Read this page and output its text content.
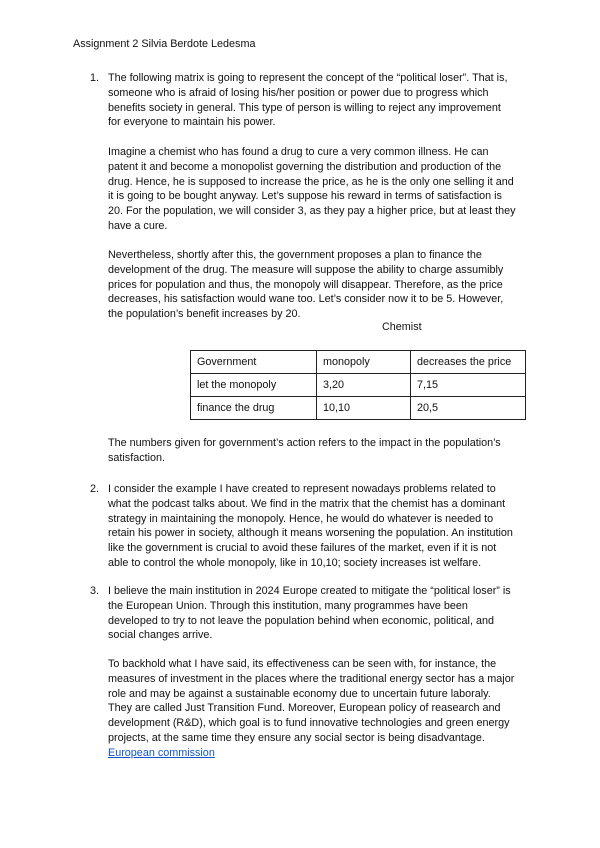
Assignment 2 Silvia Berdote Ledesma
1. The following matrix is going to represent the concept of the “political loser”. That is,
someone who is afraid of losing his/her position or power due to progress which
benefits society in general. This type of person is willing to reject any improvement
for everyone to maintain his power.
Imagine a chemist who has found a drug to cure a very common illness. He can
patent it and become a monopolist governing the distribution and production of the
drug. Hence, he is supposed to increase the price, as he is the only one selling it and
it is going to be bought anyway. Let’s suppose his reward in terms of satisfaction is
20. For the population, we will consider 3, as they pay a higher price, but at least they
have a cure.
Nevertheless, shortly after this, the government proposes a plan to finance the
development of the drug. The measure will suppose the ability to charge assumibly
prices for population and thus, the monopoly will disappear. Therefore, as the price
decreases, his satisfaction would wane too. Let’s consider now it to be 5. However,
the population’s benefit increases by 20.
Chemist
Government	monopoly	decreases the price
let the monopoly	3,20	7,15
finance the drug	10,10	20,5
The numbers given for government’s action refers to the impact in the population’s
satisfaction.
2. I consider the example I have created to represent nowadays problems related to
what the podcast talks about. We find in the matrix that the chemist has a dominant
strategy in maintaining the monopoly. Hence, he would do whatever is needed to
retain his power in society, although it means worsening the population. An institution
like the government is crucial to avoid these failures of the market, even if it is not
able to control the whole monopoly, like in 10,10; society increases ist welfare.
3. I believe the main institution in 2024 Europe created to mitigate the “political loser” is
the European Union. Through this institution, many programmes have been
developed to try to not leave the population behind when economic, political, and
social changes arrive.
To backhold what I have said, its effectiveness can be seen with, for instance, the
measures of investment in the places where the traditional energy sector has a major
role and may be against a sustainable economy due to uncertain future laboraly.
They are called Just Transition Fund. Moreover, European policy of reasearch and
development (R&D), which goal is to fund innovative technologies and green energy
projects, at the same time they ensure any social sector is being disadvantage.
European commission
